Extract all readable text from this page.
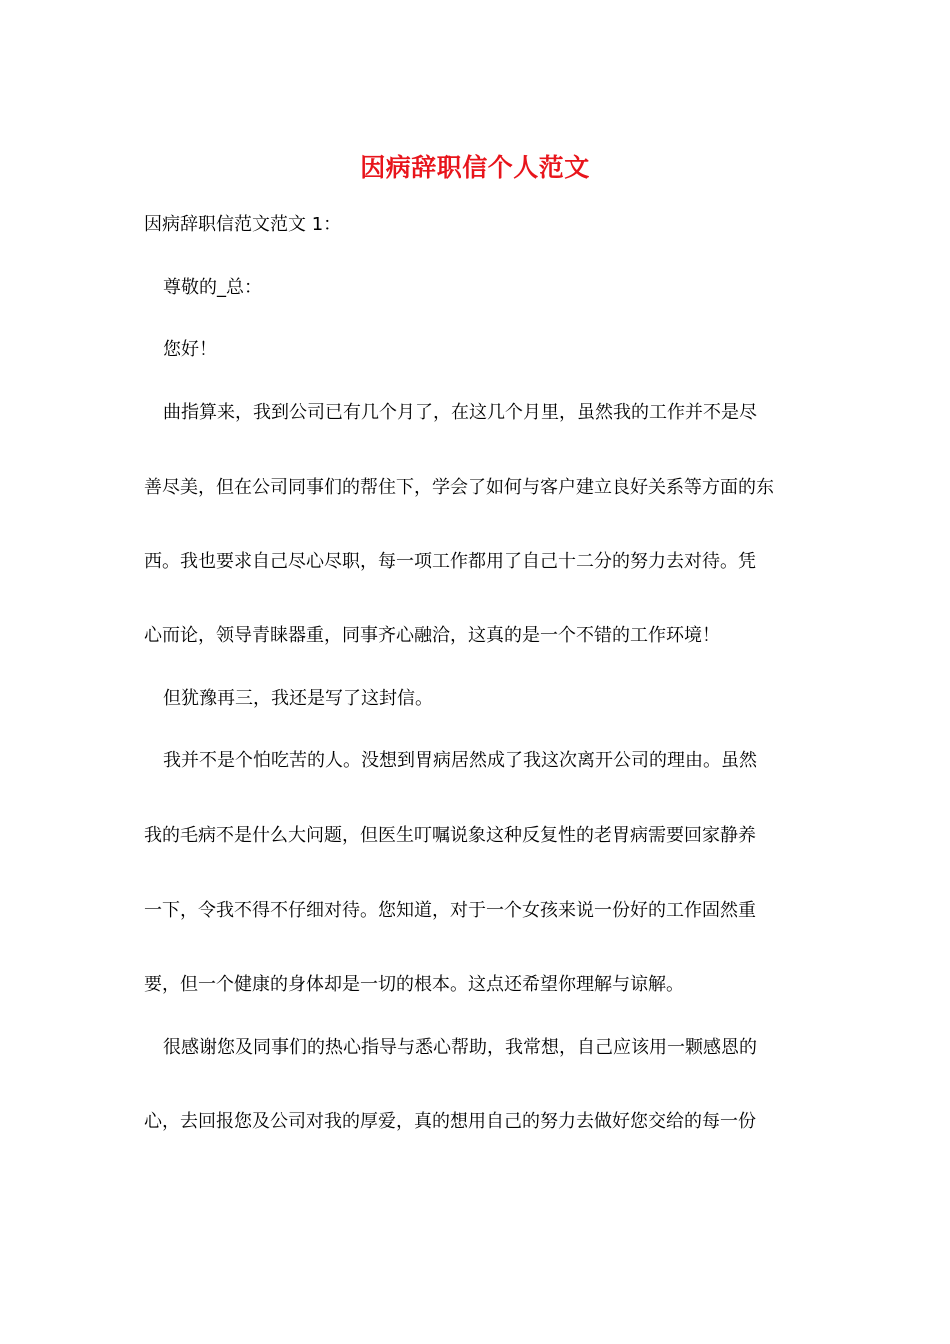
因病辞职信个人范文
因病辞职信范文范文 1：
尊敬的_总：
您好！
曲指算来，我到公司已有几个月了，在这几个月里，虽然我的工作并不是尽
善尽美，但在公司同事们的帮住下，学会了如何与客户建立良好关系等方面的东
西。我也要求自己尽心尽职，每一项工作都用了自己十二分的努力去对待。凭
心而论，领导青睐器重，同事齐心融洽，这真的是一个不错的工作环境！
但犹豫再三，我还是写了这封信。
我并不是个怕吃苦的人。没想到胃病居然成了我这次离开公司的理由。虽然
我的毛病不是什么大问题，但医生叮嘱说象这种反复性的老胃病需要回家静养
一下，令我不得不仔细对待。您知道，对于一个女孩来说一份好的工作固然重
要，但一个健康的身体却是一切的根本。这点还希望你理解与谅解。
很感谢您及同事们的热心指导与悉心帮助，我常想，自己应该用一颗感恩的
心，去回报您及公司对我的厚爱，真的想用自己的努力去做好您交给的每一份
